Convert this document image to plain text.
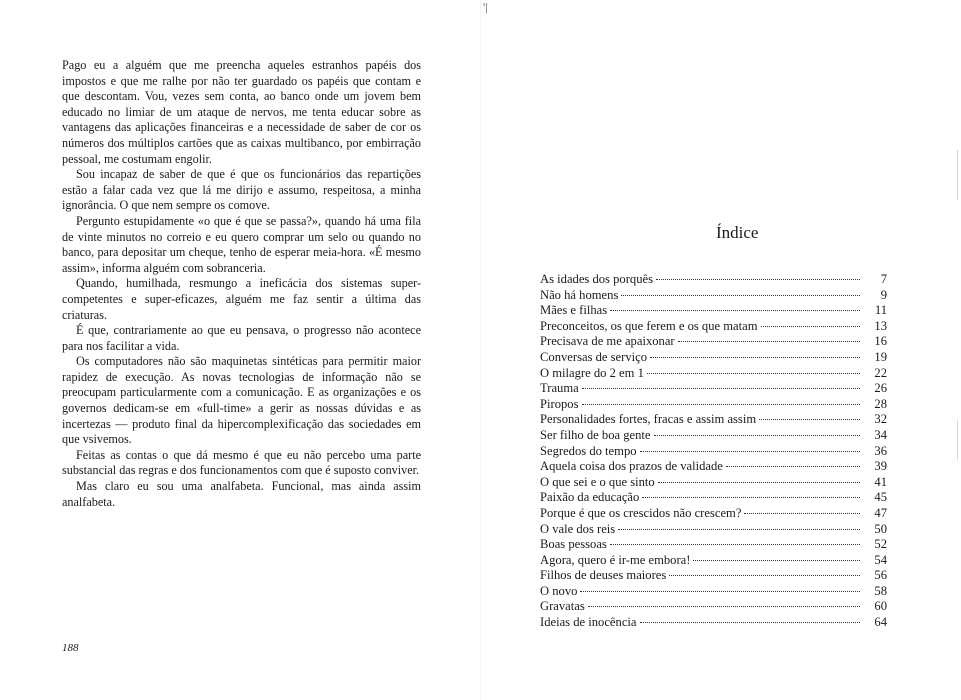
'|

Pago eu a alguém que me preencha aqueles estranhos papéis dos impostos e que me ralhe por não ter guardado os papéis que contam e que descontam. Vou, vezes sem conta, ao banco onde um jovem bem educado no limiar de um ataque de nervos, me tenta educar sobre as vantagens das aplicações financeiras e a necessidade de saber de cor os números dos múltiplos cartões que as caixas multibanco, por embirração pessoal, me costumam engolir.

Sou incapaz de saber de que é que os funcionários das repartições estão a falar cada vez que lá me dirijo e assumo, respeitosa, a minha ignorância. O que nem sempre os comove.

Pergunto estupidamente «o que é que se passa?», quando há uma fila de vinte minutos no correio e eu quero comprar um selo ou quando no banco, para depositar um cheque, tenho de esperar meia-hora. «É mesmo assim», informa alguém com sobranceria.

Quando, humilhada, resmungo a ineficácia dos sistemas super-competentes e super-eficazes, alguém me faz sentir a última das criaturas.

É que, contrariamente ao que eu pensava, o progresso não acontece para nos facilitar a vida.

Os computadores não são maquinetas sintéticas para permitir maior rapidez de execução. As novas tecnologias de informação não se preocupam particularmente com a comunicação. E as organizações e os governos dedicam-se em «full-time» a gerir as nossas dúvidas e as incertezas — produto final da hipercomplexificação das sociedades em que vsivemos.

Feitas as contas o que dá mesmo é que eu não percebo uma parte substancial das regras e dos funcionamentos com que é suposto conviver.

Mas claro eu sou uma analfabeta. Funcional, mas ainda assim analfabeta.

188
Índice
As idades dos porquês	7
Não há homens	9
Mães e filhas	11
Preconceitos, os que ferem e os que matam	13
Precisava de me apaixonar	16
Conversas de serviço	19
O milagre do 2 em 1	22
Trauma	26
Piropos	28
Personalidades fortes, fracas e assim assim	32
Ser filho de boa gente	34
Segredos do tempo	36
Aquela coisa dos prazos de validade	39
O que sei e o que sinto	41
Paixão da educação	45
Porque é que os crescidos não crescem?	47
O vale dos reis	50
Boas pessoas	52
Agora, quero é ir-me embora!	54
Filhos de deuses maiores	56
O novo	58
Gravatas	60
Ideias de inocência	64
